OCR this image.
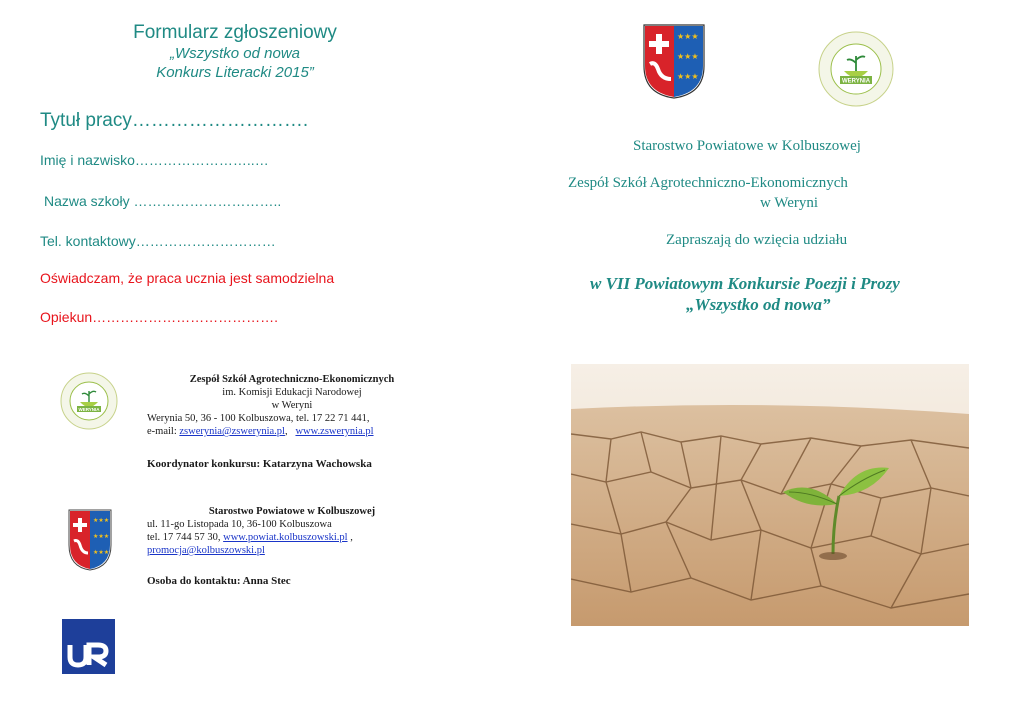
Formularz zgłoszeniowy
„Wszystko od nowa
Konkurs Literacki 2015”
Tytuł pracy……………………….
Imię i nazwisko……………………..…
Nazwa szkoły …………………………..
Tel. kontaktowy…………………………
Oświadczam, że praca ucznia jest samodzielna
Opiekun………………………………….
WERYNIA
Zespół Szkół Agrotechniczno-Ekonomicznych
im. Komisji Edukacji Narodowej
w Weryni
Werynia 50, 36 - 100 Kolbuszowa, tel. 17 22 71 441,
e-mail: zswerynia@zswerynia.pl, www.zswerynia.pl
Koordynator konkursu: Katarzyna Wachowska
★★★
★★★
★★★
Starostwo Powiatowe w Kolbuszowej
ul. 11-go Listopada 10, 36-100 Kolbuszowa
tel. 17 744 57 30, www.powiat.kolbuszowski.pl ,
promocja@kolbuszowski.pl
Osoba do kontaktu: Anna Stec
★★★
★★★
★★★
WERYNIA
Starostwo Powiatowe w Kolbuszowej
Zespół Szkół Agrotechniczno-Ekonomicznych
w Weryni
Zapraszają do wzięcia udziału
w VII Powiatowym Konkursie Poezji i Prozy
„Wszystko od nowa”
